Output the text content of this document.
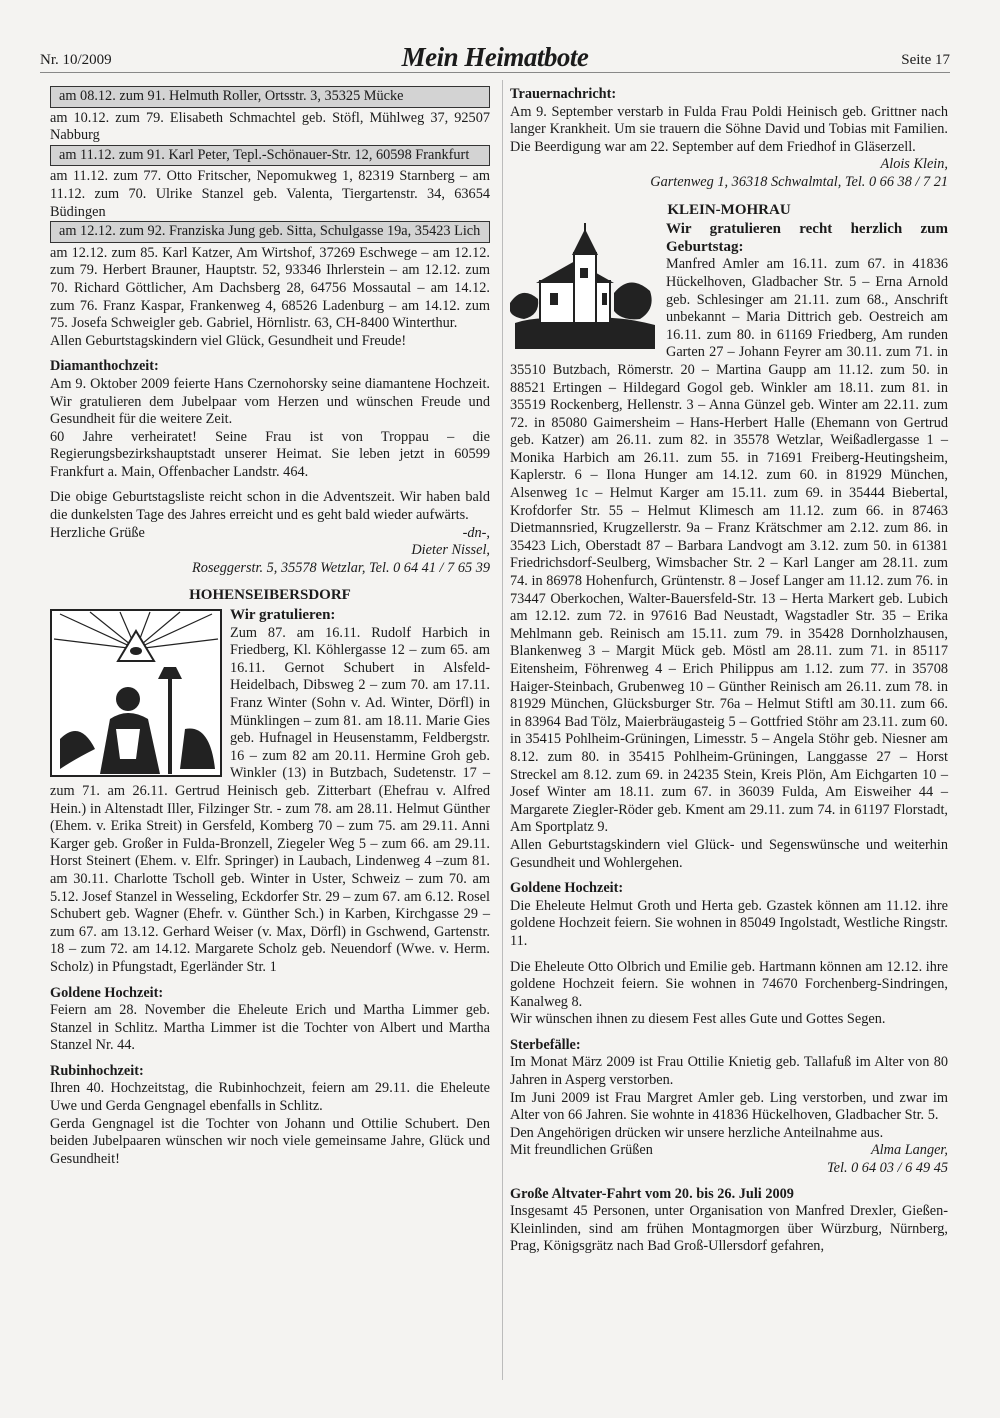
Nr. 10/2009	Mein Heimatbote	Seite 17
am 08.12. zum 91. Helmuth Roller, Ortsstr. 3, 35325 Mücke

am 10.12. zum 79. Elisabeth Schmachtel geb. Stöfl, Mühlweg 37, 92507 Nabburg

am 11.12. zum 91. Karl Peter, Tepl.-Schönauer-Str. 12, 60598 Frankfurt

am 11.12. zum 77. Otto Fritscher, Nepomukweg 1, 82319 Starnberg – am 11.12. zum 70. Ulrike Stanzel geb. Valenta, Tiergartenstr. 34, 63654 Büdingen

am 12.12. zum 92. Franziska Jung geb. Sitta, Schulgasse 19a, 35423 Lich

am 12.12. zum 85. Karl Katzer, Am Wirtshof, 37269 Eschwege – am 12.12. zum 79. Herbert Brauner, Hauptstr. 52, 93346 Ihrlerstein – am 12.12. zum 70. Richard Göttlicher, Am Dachsberg 28, 64756 Mossautal – am 14.12. zum 76. Franz Kaspar, Frankenweg 4, 68526 Ladenburg – am 14.12. zum 75. Josefa Schweigler geb. Gabriel, Hörnlistr. 63, CH-8400 Winterthur.

Allen Geburtstagskindern viel Glück, Gesundheit und Freude!

Diamanthochzeit:

Am 9. Oktober 2009 feierte Hans Czernohorsky seine diamantene Hochzeit. Wir gratulieren dem Jubelpaar vom Herzen und wünschen Freude und Gesundheit für die weitere Zeit.

60 Jahre verheiratet! Seine Frau ist von Troppau – die Regierungsbezirkshauptstadt unserer Heimat. Sie leben jetzt in 60599 Frankfurt a. Main, Offenbacher Landstr. 464.

Die obige Geburtstagsliste reicht schon in die Adventszeit. Wir haben bald die dunkelsten Tage des Jahres erreicht und es geht bald wieder aufwärts.

Herzliche Grüße	-dn-,
Dieter Nissel,
Roseggerstr. 5, 35578 Wetzlar, Tel. 0 64 41 / 7 65 39
HOHENSEIBERSDORF
Wir gratulieren:

Zum 87. am 16.11. Rudolf Harbich in Friedberg, Kl. Köhlergasse 12 – zum 65. am 16.11. Gernot Schubert in Alsfeld-Heidelbach, Dibsweg 2 – zum 70. am 17.11. Franz Winter (Sohn v. Ad. Winter, Dörfl) in Münklingen – zum 81. am 18.11. Marie Gies geb. Hufnagel in Heusenstamm, Feldbergstr. 16 – zum 82 am 20.11. Hermine Groh geb. Winkler (13) in Butzbach, Sudetenstr. 17 – zum 71. am 26.11. Gertrud Heinisch geb. Zitterbart (Ehefrau v. Alfred Hein.) in Altenstadt Iller, Filzinger Str. - zum 78. am 28.11. Helmut Günther (Ehem. v. Erika Streit) in Gersfeld, Komberg 70 – zum 75. am 29.11. Anni Karger geb. Großer in Fulda-Bronzell, Ziegeler Weg 5 – zum 66. am 29.11. Horst Steinert (Ehem. v. Elfr. Springer) in Laubach, Lindenweg 4 –zum 81. am 30.11. Charlotte Tscholl geb. Winter in Uster, Schweiz – zum 70. am 5.12. Josef Stanzel in Wesseling, Eckdorfer Str. 29 – zum 67. am 6.12. Rosel Schubert geb. Wagner (Ehefr. v. Günther Sch.) in Karben, Kirchgasse 29 – zum 67. am 13.12. Gerhard Weiser (v. Max, Dörfl) in Gschwend, Gartenstr. 18 – zum 72. am 14.12. Margarete Scholz geb. Neuendorf (Wwe. v. Herm. Scholz) in Pfungstadt, Egerländer Str. 1

Goldene Hochzeit:

Feiern am 28. November die Eheleute Erich und Martha Limmer geb. Stanzel in Schlitz. Martha Limmer ist die Tochter von Albert und Martha Stanzel Nr. 44.

Rubinhochzeit:

Ihren 40. Hochzeitstag, die Rubinhochzeit, feiern am 29.11. die Eheleute Uwe und Gerda Gengnagel ebenfalls in Schlitz.

Gerda Gengnagel ist die Tochter von Johann und Ottilie Schubert. Den beiden Jubelpaaren wünschen wir noch viele gemeinsame Jahre, Glück und Gesundheit!

Trauernachricht:

Am 9. September verstarb in Fulda Frau Poldi Heinisch geb. Grittner nach langer Krankheit. Um sie trauern die Söhne David und Tobias mit Familien. Die Beerdigung war am 22. September auf dem Friedhof in Gläserzell.

Alois Klein,
Gartenweg 1, 36318 Schwalmtal, Tel. 0 66 38 / 7 21
KLEIN-MOHRAU
Wir gratulieren recht herzlich zum Geburtstag:

Manfred Amler am 16.11. zum 67. in 41836 Hückelhoven, Gladbacher Str. 5 – Erna Arnold geb. Schlesinger am 21.11. zum 68., Anschrift unbekannt – Maria Dittrich geb. Oestreich am 16.11. zum 80. in 61169 Friedberg, Am runden Garten 27 – Johann Feyrer am 30.11. zum 71. in 35510 Butzbach, Römerstr. 20 – Martina Gaupp am 11.12. zum 50. in 88521 Ertingen – Hildegard Gogol geb. Winkler am 18.11. zum 81. in 35519 Rockenberg, Hellenstr. 3 – Anna Günzel geb. Winter am 22.11. zum 72. in 85080 Gaimersheim – Hans-Herbert Halle (Ehemann von Gertrud geb. Katzer) am 26.11. zum 82. in 35578 Wetzlar, Weißadlergasse 1 – Monika Harbich am 26.11. zum 55. in 71691 Freiberg-Heutingsheim, Kaplerstr. 6 – Ilona Hunger am 14.12. zum 60. in 81929 München, Alsenweg 1c – Helmut Karger am 15.11. zum 69. in 35444 Biebertal, Krofdorfer Str. 55 – Helmut Klimesch am 11.12. zum 66. in 87463 Dietmannsried, Krugzellerstr. 9a – Franz Krätschmer am 2.12. zum 86. in 35423 Lich, Oberstadt 87 – Barbara Landvogt am 3.12. zum 50. in 61381 Friedrichsdorf-Seulberg, Wimsbacher Str. 2 – Karl Langer am 28.11. zum 74. in 86978 Hohenfurch, Grüntenstr. 8 – Josef Langer am 11.12. zum 76. in 73447 Oberkochen, Walter-Bauersfeld-Str. 13 – Herta Markert geb. Lubich am 12.12. zum 72. in 97616 Bad Neustadt, Wagstadler Str. 35 – Erika Mehlmann geb. Reinisch am 15.11. zum 79. in 35428 Dornholzhausen, Blankenweg 3 – Margit Mück geb. Möstl am 28.11. zum 71. in 85117 Eitensheim, Föhrenweg 4 – Erich Philippus am 1.12. zum 77. in 35708 Haiger-Steinbach, Grubenweg 10 – Günther Reinisch am 26.11. zum 78. in 81929 München, Glücksburger Str. 76a – Helmut Stiftl am 30.11. zum 66. in 83964 Bad Tölz, Maierbräugasteig 5 – Gottfried Stöhr am 23.11. zum 60. in 35415 Pohlheim-Grüningen, Limesstr. 5 – Angela Stöhr geb. Niesner am 8.12. zum 80. in 35415 Pohlheim-Grüningen, Langgasse 27 – Horst Streckel am 8.12. zum 69. in 24235 Stein, Kreis Plön, Am Eichgarten 10 – Josef Winter am 18.11. zum 67. in 36039 Fulda, Am Eisweiher 44 – Margarete Ziegler-Röder geb. Kment am 29.11. zum 74. in 61197 Florstadt, Am Sportplatz 9.

Allen Geburtstagskindern viel Glück- und Segenswünsche und weiterhin Gesundheit und Wohlergehen.

Goldene Hochzeit:

Die Eheleute Helmut Groth und Herta geb. Gzastek können am 11.12. ihre goldene Hochzeit feiern. Sie wohnen in 85049 Ingolstadt, Westliche Ringstr. 11.

Die Eheleute Otto Olbrich und Emilie geb. Hartmann können am 12.12. ihre goldene Hochzeit feiern. Sie wohnen in 74670 Forchenberg-Sindringen, Kanalweg 8.

Wir wünschen ihnen zu diesem Fest alles Gute und Gottes Segen.

Sterbefälle:

Im Monat März 2009 ist Frau Ottilie Knietig geb. Tallafuß im Alter von 80 Jahren in Asperg verstorben.

Im Juni 2009 ist Frau Margret Amler geb. Ling verstorben, und zwar im Alter von 66 Jahren. Sie wohnte in 41836 Hückelhoven, Gladbacher Str. 5.

Den Angehörigen drücken wir unsere herzliche Anteilnahme aus.

Mit freundlichen Grüßen	Alma Langer,
Tel. 0 64 03 / 6 49 45
Große Altvater-Fahrt vom 20. bis 26. Juli 2009

Insgesamt 45 Personen, unter Organisation von Manfred Drexler, Gießen-Kleinlinden, sind am frühen Montagmorgen über Würzburg, Nürnberg, Prag, Königsgrätz nach Bad Groß-Ullersdorf gefahren,
